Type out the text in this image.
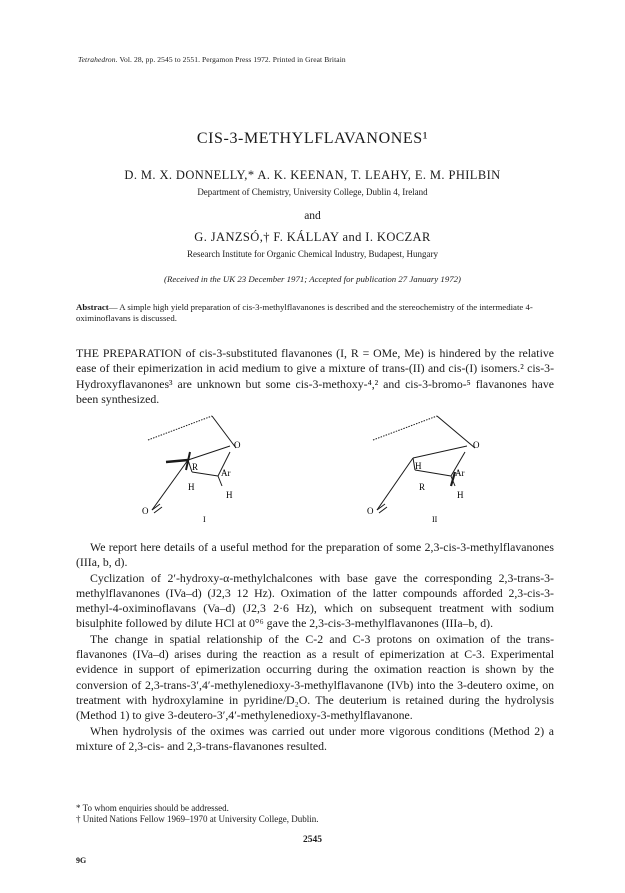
Tetrahedron. Vol. 28, pp. 2545 to 2551. Pergamon Press 1972. Printed in Great Britain
CIS-3-METHYLFLAVANONES¹
D. M. X. DONNELLY,* A. K. KEENAN, T. LEAHY, E. M. PHILBIN
Department of Chemistry, University College, Dublin 4, Ireland
and
G. JANZSÓ,† F. KÁLLAY and I. KOCZAR
Research Institute for Organic Chemical Industry, Budapest, Hungary
(Received in the UK 23 December 1971; Accepted for publication 27 January 1972)
Abstract— A simple high yield preparation of cis-3-methylflavanones is described and the stereochemistry of the intermediate 4-oximinoflavans is discussed.
THE PREPARATION of cis-3-substituted flavanones (I, R = OMe, Me) is hindered by the relative ease of their epimerization in acid medium to give a mixture of trans-(II) and cis-(I) isomers.² cis-3-Hydroxyflavanones³ are unknown but some cis-3-methoxy-⁴,² and cis-3-bromo-⁵ flavanones have been synthesized.
O
R
Ar
H
H
O
I
O
H
Ar
R
H
O
II

We report here details of a useful method for the preparation of some 2,3-cis-3-methylflavanones (IIIa, b, d).

Cyclization of 2′-hydroxy-α-methylchalcones with base gave the corresponding 2,3-trans-3-methylflavanones (IVa–d) (J2,3 12 Hz). Oximation of the latter compounds afforded 2,3-cis-3-methyl-4-oximinoflavans (Va–d) (J2,3 2·6 Hz), which on subsequent treatment with sodium bisulphite followed by dilute HCl at 0°⁶ gave the 2,3-cis-3-methylflavanones (IIIa–b, d).

The change in spatial relationship of the C-2 and C-3 protons on oximation of the trans-flavanones (IVa–d) arises during the reaction as a result of epimerization at C-3. Experimental evidence in support of epimerization occurring during the oximation reaction is shown by the conversion of 2,3-trans-3′,4′-methylenedioxy-3-methylflavanone (IVb) into the 3-deutero oxime, on treatment with hydroxylamine in pyridine/D₂O. The deuterium is retained during the hydrolysis (Method 1) to give 3-deutero-3′,4′-methylenedioxy-3-methylflavanone.

When hydrolysis of the oximes was carried out under more vigorous conditions (Method 2) a mixture of 2,3-cis- and 2,3-trans-flavanones resulted.

* To whom enquiries should be addressed.
† United Nations Fellow 1969–1970 at University College, Dublin.
2545
9G
